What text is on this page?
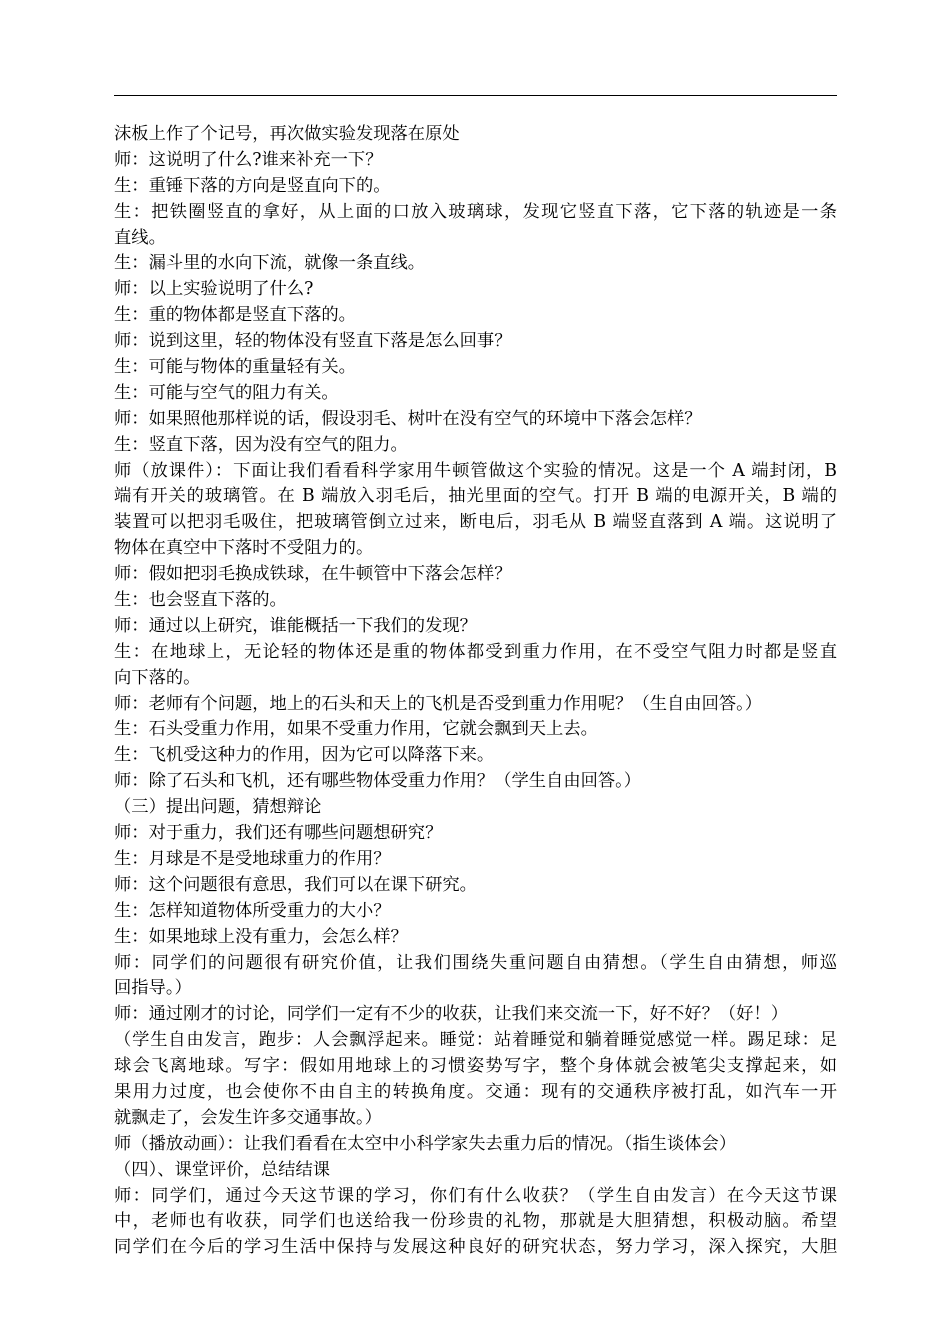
沫板上作了个记号，再次做实验发现落在原处
师：这说明了什么?谁来补充一下？
生：重锤下落的方向是竖直向下的。
生：把铁圈竖直的拿好，从上面的口放入玻璃球，发现它竖直下落，它下落的轨迹是一条
直线。
生：漏斗里的水向下流，就像一条直线。
师：以上实验说明了什么?
生：重的物体都是竖直下落的。
师：说到这里，轻的物体没有竖直下落是怎么回事？
生：可能与物体的重量轻有关。
生：可能与空气的阻力有关。
师：如果照他那样说的话，假设羽毛、树叶在没有空气的环境中下落会怎样？
生：竖直下落，因为没有空气的阻力。
师（放课件）：下面让我们看看科学家用牛顿管做这个实验的情况。这是一个 A 端封闭，B
端有开关的玻璃管。在 B 端放入羽毛后，抽光里面的空气。打开 B 端的电源开关，B 端的
装置可以把羽毛吸住，把玻璃管倒立过来，断电后，羽毛从 B 端竖直落到 A 端。这说明了
物体在真空中下落时不受阻力的。
师：假如把羽毛换成铁球，在牛顿管中下落会怎样？
生：也会竖直下落的。
师：通过以上研究，谁能概括一下我们的发现？
生：在地球上，无论轻的物体还是重的物体都受到重力作用，在不受空气阻力时都是竖直
向下落的。
师：老师有个问题，地上的石头和天上的飞机是否受到重力作用呢？（生自由回答。）
生：石头受重力作用，如果不受重力作用，它就会飘到天上去。
生：飞机受这种力的作用，因为它可以降落下来。
师：除了石头和飞机，还有哪些物体受重力作用？（学生自由回答。）
（三）提出问题，猜想辩论
师：对于重力，我们还有哪些问题想研究？
生：月球是不是受地球重力的作用？
师：这个问题很有意思，我们可以在课下研究。
生：怎样知道物体所受重力的大小？
生：如果地球上没有重力，会怎么样？
师：同学们的问题很有研究价值，让我们围绕失重问题自由猜想。（学生自由猜想，师巡
回指导。）
师：通过刚才的讨论，同学们一定有不少的收获，让我们来交流一下，好不好？（好！）
（学生自由发言，跑步：人会飘浮起来。睡觉：站着睡觉和躺着睡觉感觉一样。踢足球：足
球会飞离地球。写字：假如用地球上的习惯姿势写字，整个身体就会被笔尖支撑起来，如
果用力过度，也会使你不由自主的转换角度。交通：现有的交通秩序被打乱，如汽车一开
就飘走了，会发生许多交通事故。）
师（播放动画）：让我们看看在太空中小科学家失去重力后的情况。（指生谈体会）
（四）、课堂评价，总结结课
师：同学们，通过今天这节课的学习，你们有什么收获？（学生自由发言）在今天这节课
中，老师也有收获，同学们也送给我一份珍贵的礼物，那就是大胆猜想，积极动脑。希望
同学们在今后的学习生活中保持与发展这种良好的研究状态，努力学习，深入探究，大胆
